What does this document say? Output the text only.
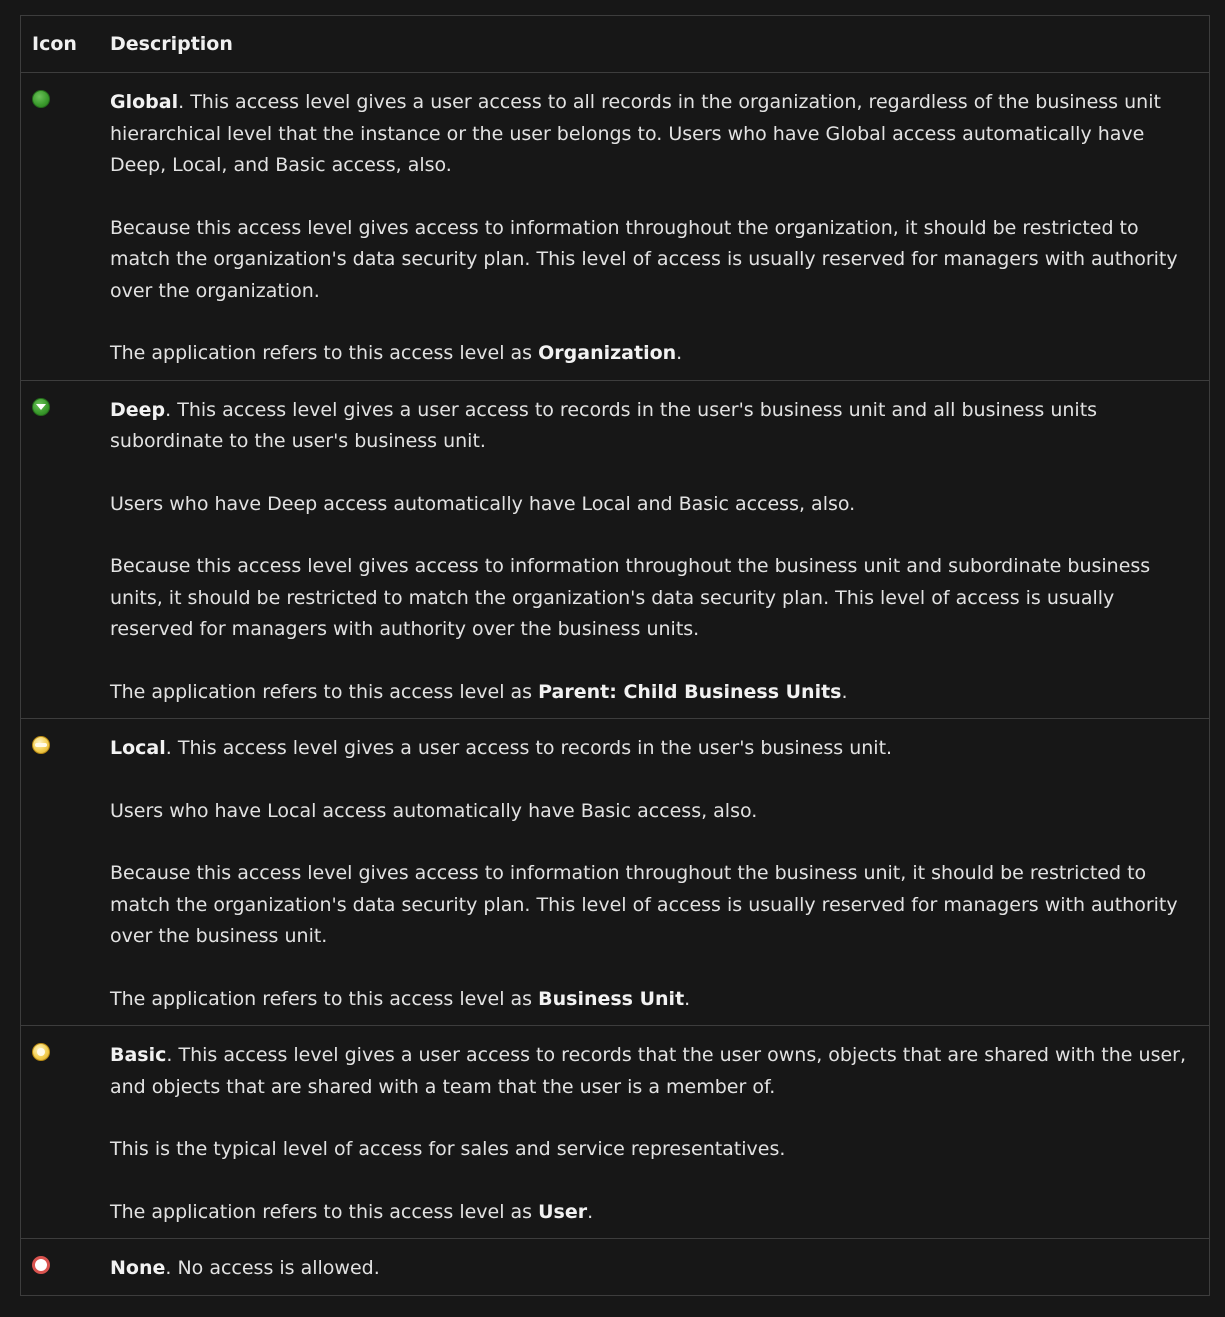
Icon	Description

	Global. This access level gives a user access to all records in the organization, regardless of the business unit hierarchical level that the instance or the user belongs to. Users who have Global access automatically have Deep, Local, and Basic access, also.

Because this access level gives access to information throughout the organization, it should be restricted to match the organization's data security plan. This level of access is usually reserved for managers with authority over the organization.

The application refers to this access level as Organization.

	Deep. This access level gives a user access to records in the user's business unit and all business units subordinate to the user's business unit.

Users who have Deep access automatically have Local and Basic access, also.

Because this access level gives access to information throughout the business unit and subordinate business units, it should be restricted to match the organization's data security plan. This level of access is usually reserved for managers with authority over the business units.

The application refers to this access level as Parent: Child Business Units.

	Local. This access level gives a user access to records in the user's business unit.

Users who have Local access automatically have Basic access, also.

Because this access level gives access to information throughout the business unit, it should be restricted to match the organization's data security plan. This level of access is usually reserved for managers with authority over the business unit.

The application refers to this access level as Business Unit.

	Basic. This access level gives a user access to records that the user owns, objects that are shared with the user, and objects that are shared with a team that the user is a member of.

This is the typical level of access for sales and service representatives.

The application refers to this access level as User.

	None. No access is allowed.
